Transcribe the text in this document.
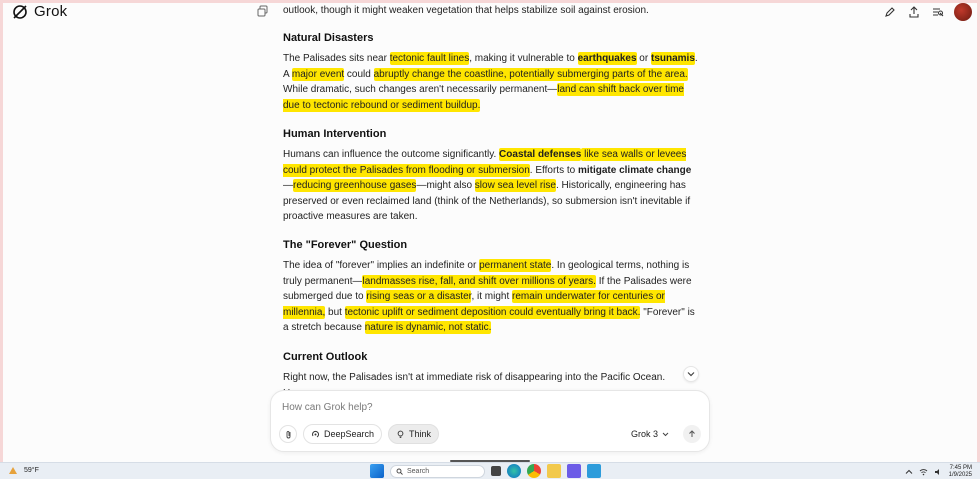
Grok	outlook, though it might weaken vegetation that helps stabilize soil against erosion.

Natural Disasters

The Palisades sits near tectonic fault lines, making it vulnerable to earthquakes or tsunamis. A major event could abruptly change the coastline, potentially submerging parts of the area. While dramatic, such changes aren't necessarily permanent—land can shift back over time due to tectonic rebound or sediment buildup.

Human Intervention

Humans can influence the outcome significantly. Coastal defenses like sea walls or levees could protect the Palisades from flooding or submersion. Efforts to mitigate climate change—reducing greenhouse gases—might also slow sea level rise. Historically, engineering has preserved or even reclaimed land (think of the Netherlands), so submersion isn't inevitable if proactive measures are taken.

The "Forever" Question

The idea of "forever" implies an indefinite or permanent state. In geological terms, nothing is truly permanent—landmasses rise, fall, and shift over millions of years. If the Palisades were submerged due to rising seas or a disaster, it might remain underwater for centuries or millennia, but tectonic uplift or sediment deposition could eventually bring it back. "Forever" is a stretch because nature is dynamic, not static.

Current Outlook

Right now, the Palisades isn't at immediate risk of disappearing into the Pacific Ocean.

How can Grok help?
DeepSearch	Think	Grok 3
59°F	Search	7:45 PM
1/9/2025
